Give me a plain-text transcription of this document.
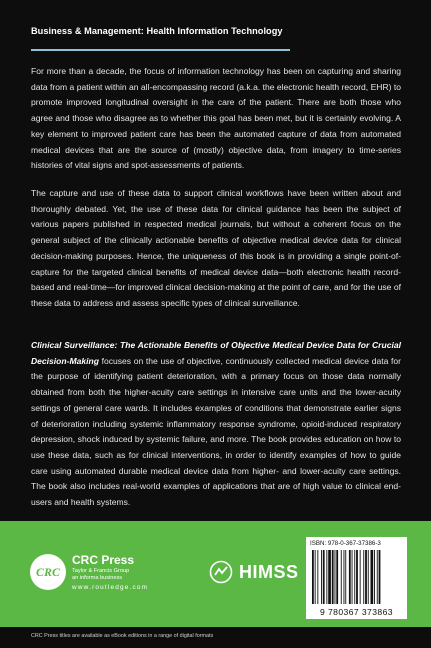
Business & Management: Health Information Technology

For more than a decade, the focus of information technology has been on capturing and sharing data from a patient within an all-encompassing record (a.k.a. the electronic health record, EHR) to promote improved longitudinal oversight in the care of the patient. There are both those who agree and those who disagree as to whether this goal has been met, but it is certainly evolving. A key element to improved patient care has been the automated capture of data from automated medical devices that are the source of (mostly) objective data, from imagery to time-series histories of vital signs and spot-assessments of patients.

The capture and use of these data to support clinical workflows have been written about and thoroughly debated. Yet, the use of these data for clinical guidance has been the subject of various papers published in respected medical journals, but without a coherent focus on the general subject of the clinically actionable benefits of objective medical device data for clinical decision-making purposes. Hence, the uniqueness of this book is in providing a single point-of-capture for the targeted clinical benefits of medical device data—both electronic health record-based and real-time—for improved clinical decision-making at the point of care, and for the use of these data to address and assess specific types of clinical surveillance.

Clinical Surveillance: The Actionable Benefits of Objective Medical Device Data for Crucial Decision-Making focuses on the use of objective, continuously collected medical device data for the purpose of identifying patient deterioration, with a primary focus on those data normally obtained from both the higher-acuity care settings in intensive care units and the lower-acuity settings of general care wards. It includes examples of conditions that demonstrate earlier signs of deterioration including systemic inflammatory response syndrome, opioid-induced respiratory depression, shock induced by systemic failure, and more. The book provides education on how to use these data, such as for clinical interventions, in order to identify examples of how to guide care using automated durable medical device data from higher- and lower-acuity care settings. The book also includes real-world examples of applications that are of high value to clinical end-users and health systems.

CRC
CRC Press
Taylor & Francis Group
an informa business
www.routledge.com
HIMSS
ISBN: 978-0-367-37386-3
9 780367 373863
CRC Press titles are available as eBook editions in a range of digital formats
